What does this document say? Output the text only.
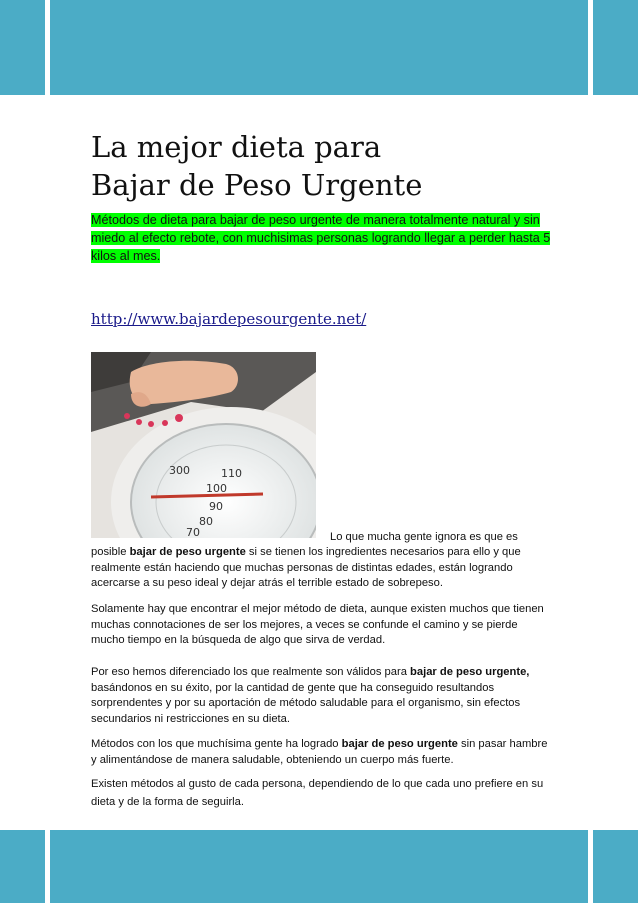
La mejor dieta para
Bajar de Peso Urgente

Métodos de dieta para bajar de peso urgente de manera totalmente natural y sin miedo al efecto rebote, con muchisimas personas logrando llegar a perder hasta 5 kilos al mes.

http://www.bajardepesourgente.net/
110
100
90
80
70
300
Lo que mucha gente ignora es que es

posible bajar de peso urgente si se tienen los ingredientes necesarios para ello y que realmente están haciendo que muchas personas de distintas edades, están logrando acercarse a su peso ideal y dejar atrás el terrible estado de sobrepeso.

Solamente hay que encontrar el mejor método de dieta, aunque existen muchos que tienen muchas connotaciones de ser los mejores, a veces se confunde el camino y se pierde mucho tiempo en la búsqueda de algo que sirva de verdad.

Por eso hemos diferenciado los que realmente son válidos para bajar de peso urgente, basándonos en su éxito, por la cantidad de gente que ha conseguido resultandos sorprendentes y por su aportación de método saludable para el organismo, sin efectos secundarios ni restricciones en su dieta.

Métodos con los que muchísima gente ha logrado bajar de peso urgente sin pasar hambre y alimentándose de manera saludable, obteniendo un cuerpo más fuerte.

Existen métodos al gusto de cada persona, dependiendo de lo que cada uno prefiere en su dieta y de la forma de seguirla.
